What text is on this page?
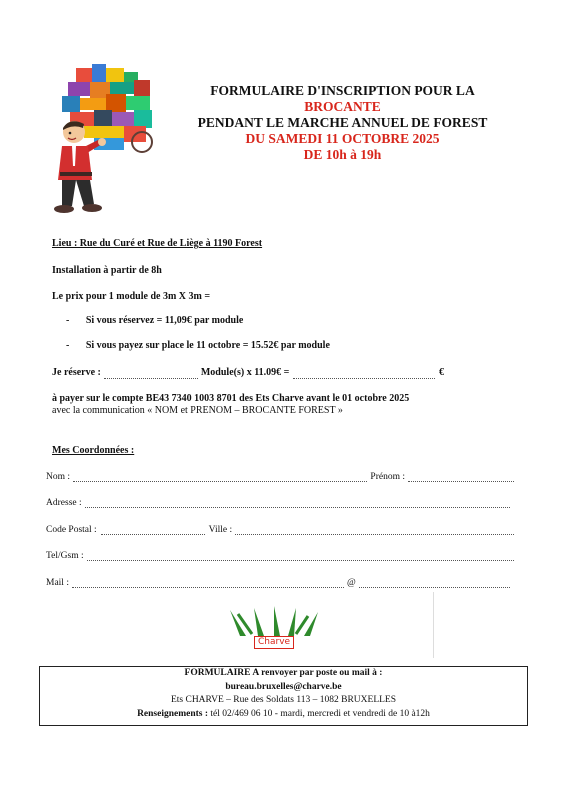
FORMULAIRE D'INSCRIPTION POUR LA
BROCANTE
PENDANT LE MARCHE ANNUEL DE FOREST
DU SAMEDI 11 OCTOBRE 2025
DE 10h à 19h
Lieu : Rue du Curé et Rue de Liège à 1190 Forest
Installation à partir de 8h
Le prix pour 1 module de 3m X 3m =
- Si vous réservez = 11,09€ par module
- Si vous payez sur place le 11 octobre = 15.52€ par module
Je réserve :	Module(s) x 11.09€ =	€
à payer sur le compte BE43 7340 1003 8701 des Ets Charve avant le 01 octobre 2025
avec la communication « NOM et PRENOM – BROCANTE FOREST »
Mes Coordonnées :
Nom :	Prénom :
Adresse :
Code Postal :	Ville :
Tel/Gsm :
Mail :	@
Charve
FORMULAIRE A renvoyer par poste ou mail à :
bureau.bruxelles@charve.be
Ets CHARVE – Rue des Soldats 113 – 1082 BRUXELLES
Renseignements : tél 02/469 06 10 - mardi, mercredi et vendredi de 10 à12h
